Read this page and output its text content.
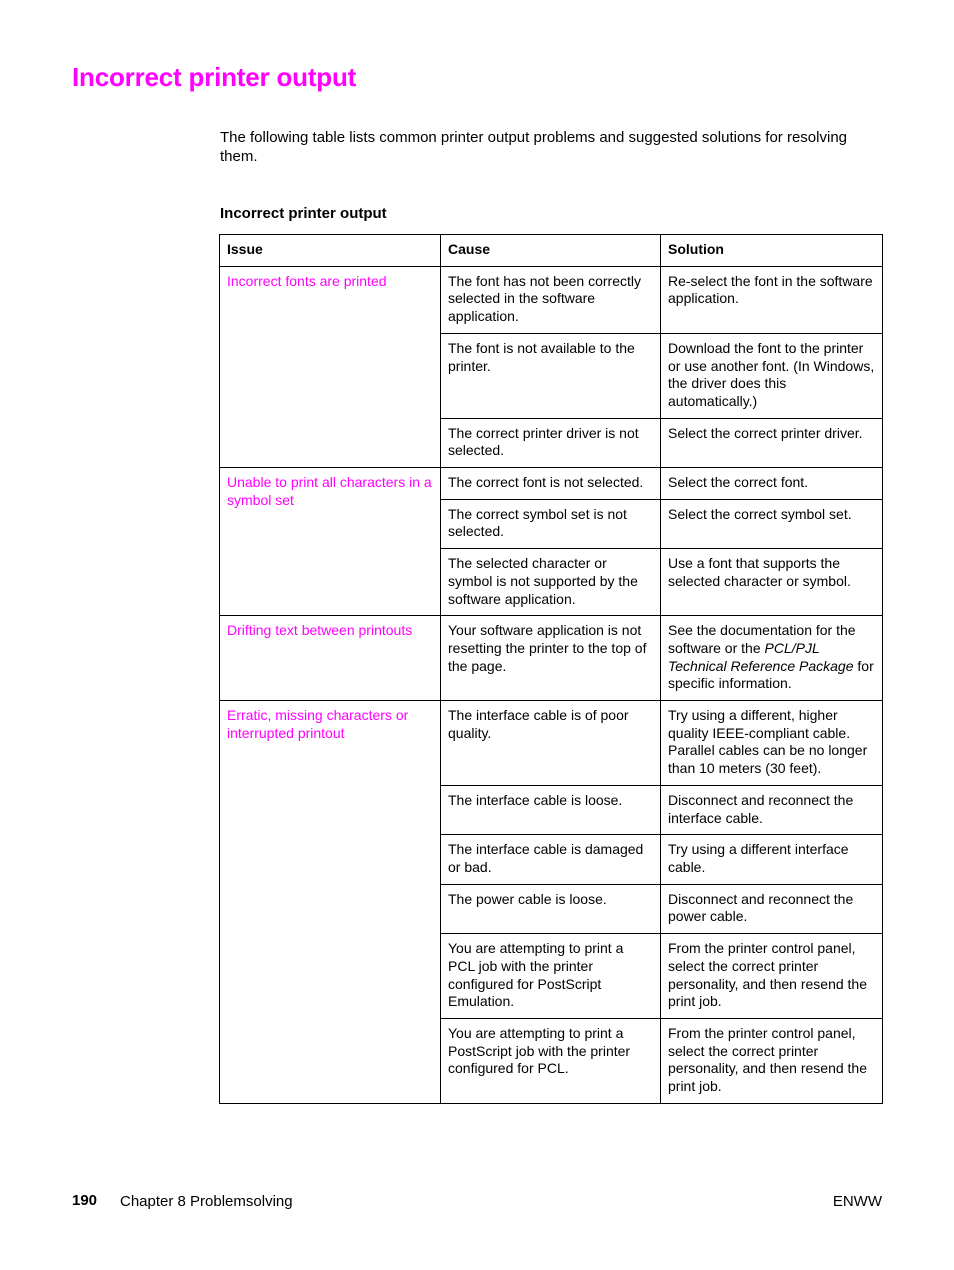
Incorrect printer output

The following table lists common printer output problems and suggested solutions for resolving them.

Incorrect printer output

Issue	Cause	Solution
Incorrect fonts are printed	The font has not been correctly selected in the software application.	Re-select the font in the software application.
	The font is not available to the printer.	Download the font to the printer or use another font. (In Windows, the driver does this automatically.)
	The correct printer driver is not selected.	Select the correct printer driver.
Unable to print all characters in a symbol set	The correct font is not selected.	Select the correct font.
	The correct symbol set is not selected.	Select the correct symbol set.
	The selected character or symbol is not supported by the software application.	Use a font that supports the selected character or symbol.
Drifting text between printouts	Your software application is not resetting the printer to the top of the page.	See the documentation for the software or the PCL/PJL Technical Reference Package for specific information.
Erratic, missing characters or interrupted printout	The interface cable is of poor quality.	Try using a different, higher quality IEEE-compliant cable. Parallel cables can be no longer than 10 meters (30 feet).
	The interface cable is loose.	Disconnect and reconnect the interface cable.
	The interface cable is damaged or bad.	Try using a different interface cable.
	The power cable is loose.	Disconnect and reconnect the power cable.
	You are attempting to print a PCL job with the printer configured for PostScript Emulation.	From the printer control panel, select the correct printer personality, and then resend the print job.
	You are attempting to print a PostScript job with the printer configured for PCL.	From the printer control panel, select the correct printer personality, and then resend the print job.
190 Chapter 8 Problemsolving	ENWW
